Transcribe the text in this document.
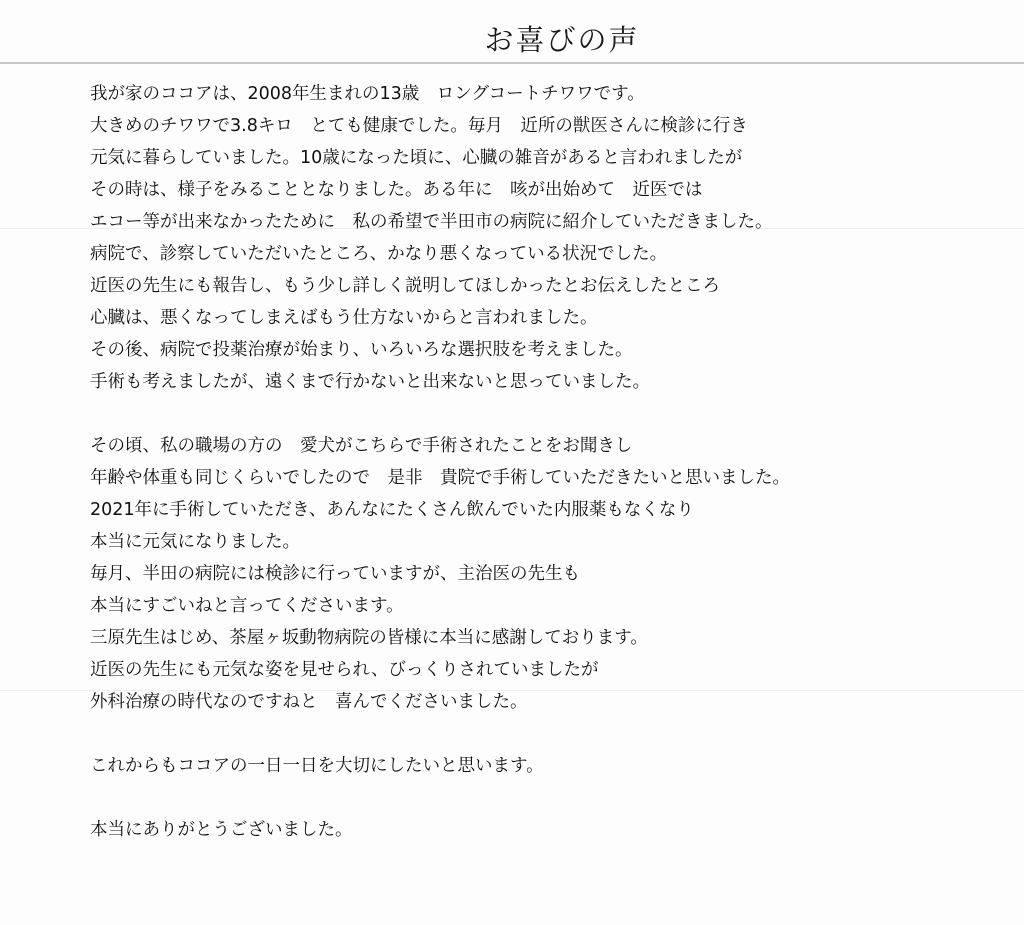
お喜びの声
我が家のココアは、2008年生まれの13歳　ロングコートチワワです。
大きめのチワワで3.8キロ　とても健康でした。毎月　近所の獣医さんに検診に行き
元気に暮らしていました。10歳になった頃に、心臓の雑音があると言われましたが
その時は、様子をみることとなりました。ある年に　咳が出始めて　近医では
エコー等が出来なかったために　私の希望で半田市の病院に紹介していただきました。
病院で、診察していただいたところ、かなり悪くなっている状況でした。
近医の先生にも報告し、もう少し詳しく説明してほしかったとお伝えしたところ
心臓は、悪くなってしまえばもう仕方ないからと言われました。
その後、病院で投薬治療が始まり、いろいろな選択肢を考えました。
手術も考えましたが、遠くまで行かないと出来ないと思っていました。
その頃、私の職場の方の　愛犬がこちらで手術されたことをお聞きし
年齢や体重も同じくらいでしたので　是非　貴院で手術していただきたいと思いました。
2021年に手術していただき、あんなにたくさん飲んでいた内服薬もなくなり
本当に元気になりました。
毎月、半田の病院には検診に行っていますが、主治医の先生も
本当にすごいねと言ってくださいます。
三原先生はじめ、茶屋ヶ坂動物病院の皆様に本当に感謝しております。
近医の先生にも元気な姿を見せられ、びっくりされていましたが
外科治療の時代なのですねと　喜んでくださいました。
これからもココアの一日一日を大切にしたいと思います。
本当にありがとうございました。
